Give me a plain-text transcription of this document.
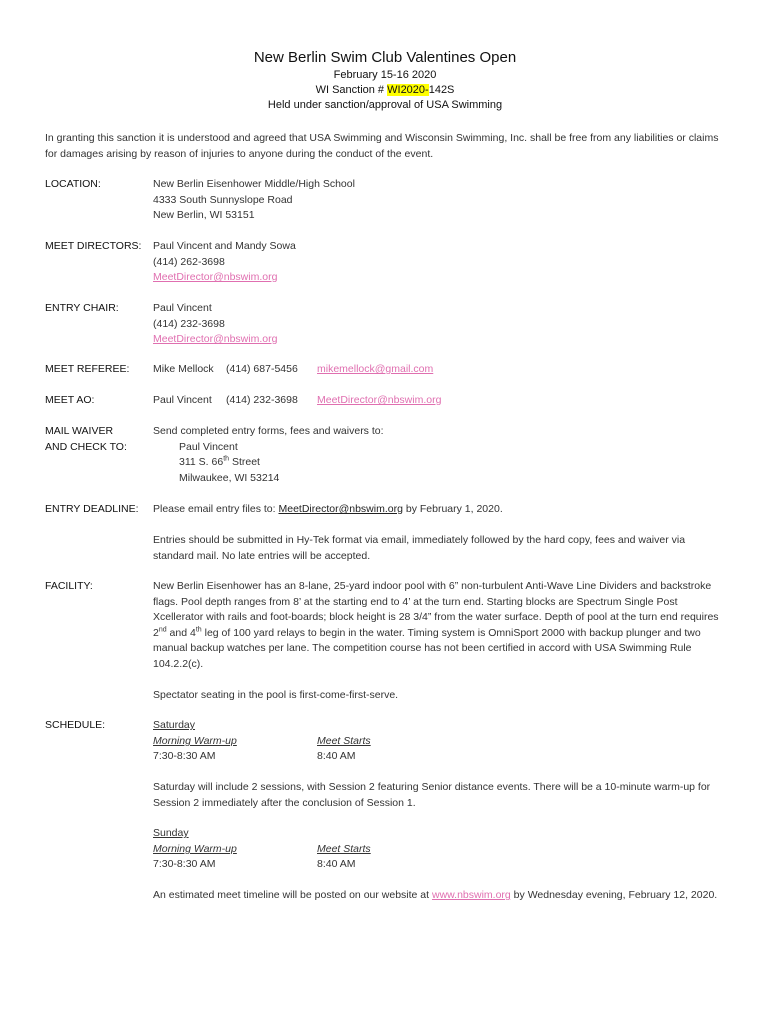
New Berlin Swim Club Valentines Open
February 15-16 2020
WI Sanction # WI2020-142S
Held under sanction/approval of USA Swimming
In granting this sanction it is understood and agreed that USA Swimming and Wisconsin Swimming, Inc. shall be free from any liabilities or claims for damages arising by reason of injuries to anyone during the conduct of the event.
LOCATION:	New Berlin Eisenhower Middle/High School
4333 South Sunnyslope Road
New Berlin, WI 53151
MEET DIRECTORS:	Paul Vincent and Mandy Sowa
(414) 262-3698
MeetDirector@nbswim.org
ENTRY CHAIR:	Paul Vincent
(414) 232-3698
MeetDirector@nbswim.org
MEET REFEREE:	Mike Mellock (414) 687-5456 mikemellock@gmail.com
MEET AO:	Paul Vincent (414) 232-3698 MeetDirector@nbswim.org
MAIL WAIVER
AND CHECK TO:
Send completed entry forms, fees and waivers to:
Paul Vincent
311 S. 66th Street
Milwaukee, WI 53214
ENTRY DEADLINE:	Please email entry files to: MeetDirector@nbswim.org by February 1, 2020.
Entries should be submitted in Hy-Tek format via email, immediately followed by the hard copy, fees and waiver via standard mail. No late entries will be accepted.
FACILITY:	New Berlin Eisenhower has an 8-lane, 25-yard indoor pool with 6” non-turbulent Anti-Wave Line Dividers and backstroke flags. Pool depth ranges from 8’ at the starting end to 4’ at the turn end. Starting blocks are Spectrum Single Post Xcellerator with rails and foot-boards; block height is 28 3/4” from the water surface. Depth of pool at the turn end requires 2nd and 4th leg of 100 yard relays to begin in the water. Timing system is OmniSport 2000 with backup plunger and two manual backup watches per lane. The competition course has not been certified in accord with USA Swimming Rule 104.2.2(c).
Spectator seating in the pool is first-come-first-serve.
SCHEDULE:	Saturday
Morning Warm-up	Meet Starts
7:30-8:30 AM	8:40 AM
Saturday will include 2 sessions, with Session 2 featuring Senior distance events. There will be a 10-minute warm-up for Session 2 immediately after the conclusion of Session 1.
Sunday
Morning Warm-up	Meet Starts
7:30-8:30 AM	8:40 AM
An estimated meet timeline will be posted on our website at www.nbswim.org by Wednesday evening, February 12, 2020.
